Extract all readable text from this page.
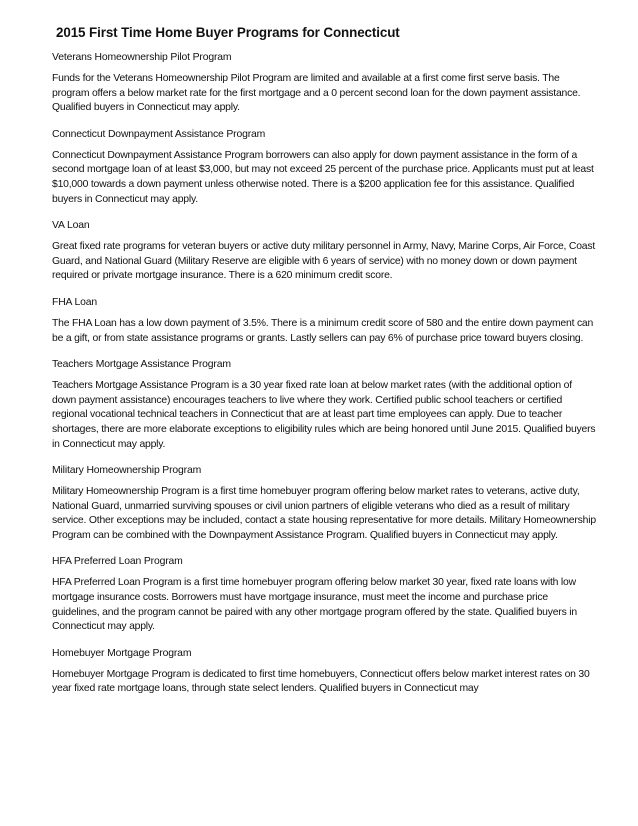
2015 First Time Home Buyer Programs for Connecticut

Veterans Homeownership Pilot Program

Funds for the Veterans Homeownership Pilot Program are limited and available at a first come first serve basis. The program offers a below market rate for the first mortgage and a 0 percent second loan for the down payment assistance. Qualified buyers in Connecticut may apply.

Connecticut Downpayment Assistance Program

Connecticut Downpayment Assistance Program borrowers can also apply for down payment assistance in the form of a second mortgage loan of at least $3,000, but may not exceed 25 percent of the purchase price. Applicants must put at least $10,000 towards a down payment unless otherwise noted. There is a $200 application fee for this assistance. Qualified buyers in Connecticut may apply.

VA Loan

Great fixed rate programs for veteran buyers or active duty military personnel in Army, Navy, Marine Corps, Air Force, Coast Guard, and National Guard (Military Reserve are eligible with 6 years of service) with no money down or down payment required or private mortgage insurance. There is a 620 minimum credit score.

FHA Loan

The FHA Loan has a low down payment of 3.5%. There is a minimum credit score of 580 and the entire down payment can be a gift, or from state assistance programs or grants. Lastly sellers can pay 6% of purchase price toward buyers closing.

Teachers Mortgage Assistance Program

Teachers Mortgage Assistance Program is a 30 year fixed rate loan at below market rates (with the additional option of down payment assistance) encourages teachers to live where they work. Certified public school teachers or certified regional vocational technical teachers in Connecticut that are at least part time employees can apply. Due to teacher shortages, there are more elaborate exceptions to eligibility rules which are being honored until June 2015. Qualified buyers in Connecticut may apply.

Military Homeownership Program

Military Homeownership Program is a first time homebuyer program offering below market rates to veterans, active duty, National Guard, unmarried surviving spouses or civil union partners of eligible veterans who died as a result of military service. Other exceptions may be included, contact a state housing representative for more details. Military Homeownership Program can be combined with the Downpayment Assistance Program. Qualified buyers in Connecticut may apply.

HFA Preferred Loan Program

HFA Preferred Loan Program is a first time homebuyer program offering below market 30 year, fixed rate loans with low mortgage insurance costs. Borrowers must have mortgage insurance, must meet the income and purchase price guidelines, and the program cannot be paired with any other mortgage program offered by the state. Qualified buyers in Connecticut may apply.

Homebuyer Mortgage Program

Homebuyer Mortgage Program is dedicated to first time homebuyers, Connecticut offers below market interest rates on 30 year fixed rate mortgage loans, through state select lenders. Qualified buyers in Connecticut may
